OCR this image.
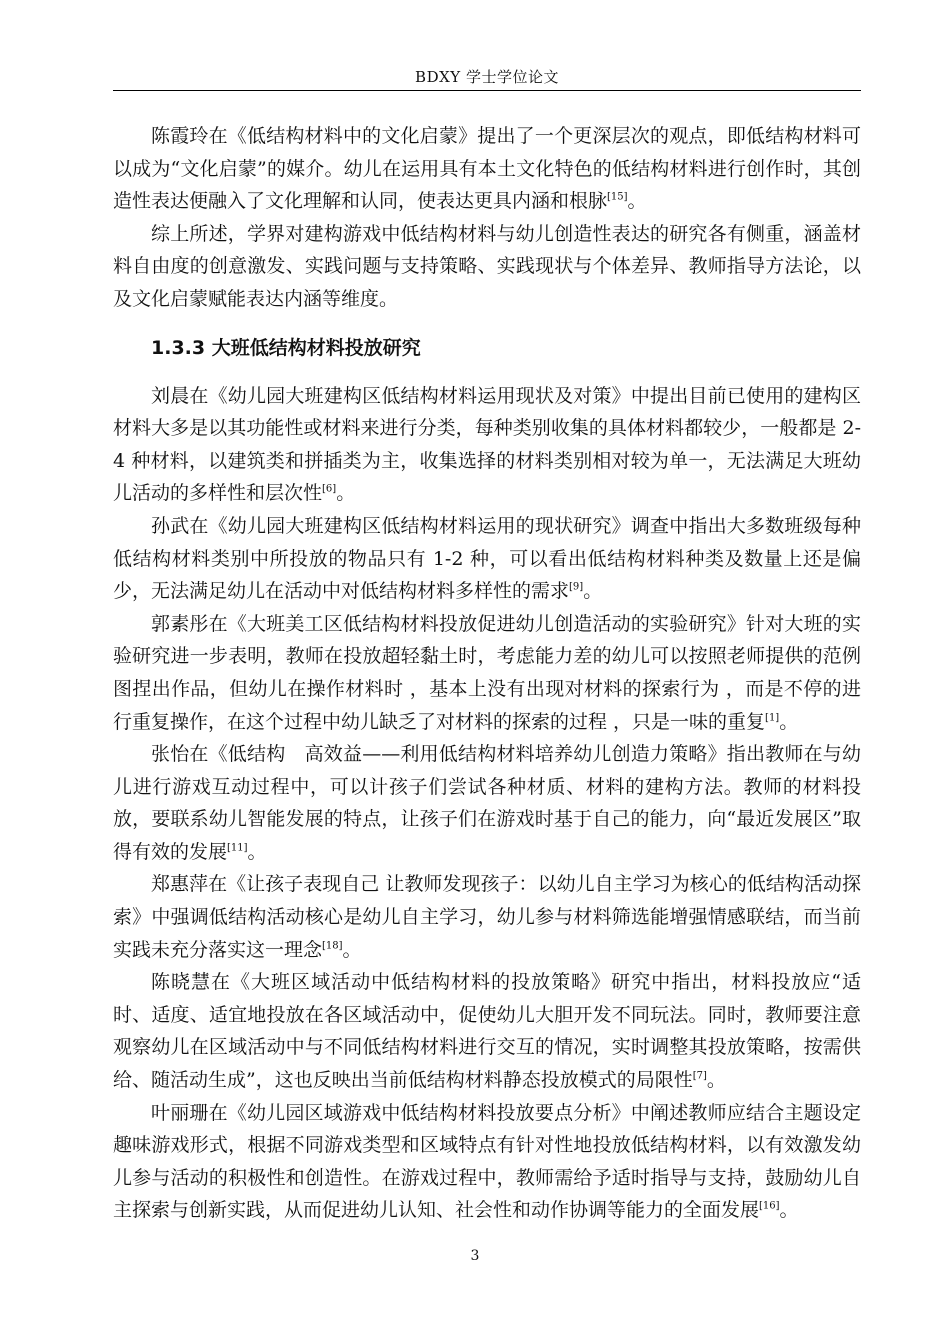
BDXY 学士学位论文

陈霞玲在《低结构材料中的文化启蒙》提出了一个更深层次的观点，即低结构材料可以成为“文化启蒙”的媒介。幼儿在运用具有本土文化特色的低结构材料进行创作时，其创造性表达便融入了文化理解和认同，使表达更具内涵和根脉[15]。

综上所述，学界对建构游戏中低结构材料与幼儿创造性表达的研究各有侧重，涵盖材料自由度的创意激发、实践问题与支持策略、实践现状与个体差异、教师指导方法论，以及文化启蒙赋能表达内涵等维度。

1.3.3 大班低结构材料投放研究

刘晨在《幼儿园大班建构区低结构材料运用现状及对策》中提出目前已使用的建构区材料大多是以其功能性或材料来进行分类，每种类别收集的具体材料都较少，一般都是 2-4 种材料，以建筑类和拼插类为主，收集选择的材料类别相对较为单一，无法满足大班幼儿活动的多样性和层次性[6]。

孙武在《幼儿园大班建构区低结构材料运用的现状研究》调查中指出大多数班级每种低结构材料类别中所投放的物品只有 1-2 种，可以看出低结构材料种类及数量上还是偏少，无法满足幼儿在活动中对低结构材料多样性的需求[9]。

郭素彤在《大班美工区低结构材料投放促进幼儿创造活动的实验研究》针对大班的实验研究进一步表明，教师在投放超轻黏土时，考虑能力差的幼儿可以按照老师提供的范例图捏出作品，但幼儿在操作材料时 ，基本上没有出现对材料的探索行为 ，而是不停的进行重复操作，在这个过程中幼儿缺乏了对材料的探索的过程 ，只是一味的重复[1]。

张怡在《低结构　高效益——利用低结构材料培养幼儿创造力策略》指出教师在与幼儿进行游戏互动过程中，可以计孩子们尝试各种材质、材料的建构方法。教师的材料投放，要联系幼儿智能发展的特点，让孩子们在游戏时基于自己的能力，向“最近发展区”取得有效的发展[11]。

郑惠萍在《让孩子表现自己 让教师发现孩子：以幼儿自主学习为核心的低结构活动探索》中强调低结构活动核心是幼儿自主学习，幼儿参与材料筛选能增强情感联结，而当前实践未充分落实这一理念[18]。

陈晓慧在《大班区域活动中低结构材料的投放策略》研究中指出，材料投放应“适时、适度、适宜地投放在各区域活动中，促使幼儿大胆开发不同玩法。同时，教师要注意观察幼儿在区域活动中与不同低结构材料进行交互的情况，实时调整其投放策略，按需供给、随活动生成”，这也反映出当前低结构材料静态投放模式的局限性[7]。

叶丽珊在《幼儿园区域游戏中低结构材料投放要点分析》中阐述教师应结合主题设定趣味游戏形式，根据不同游戏类型和区域特点有针对性地投放低结构材料，以有效激发幼儿参与活动的积极性和创造性。在游戏过程中，教师需给予适时指导与支持，鼓励幼儿自主探索与创新实践，从而促进幼儿认知、社会性和动作协调等能力的全面发展[16]。

3
